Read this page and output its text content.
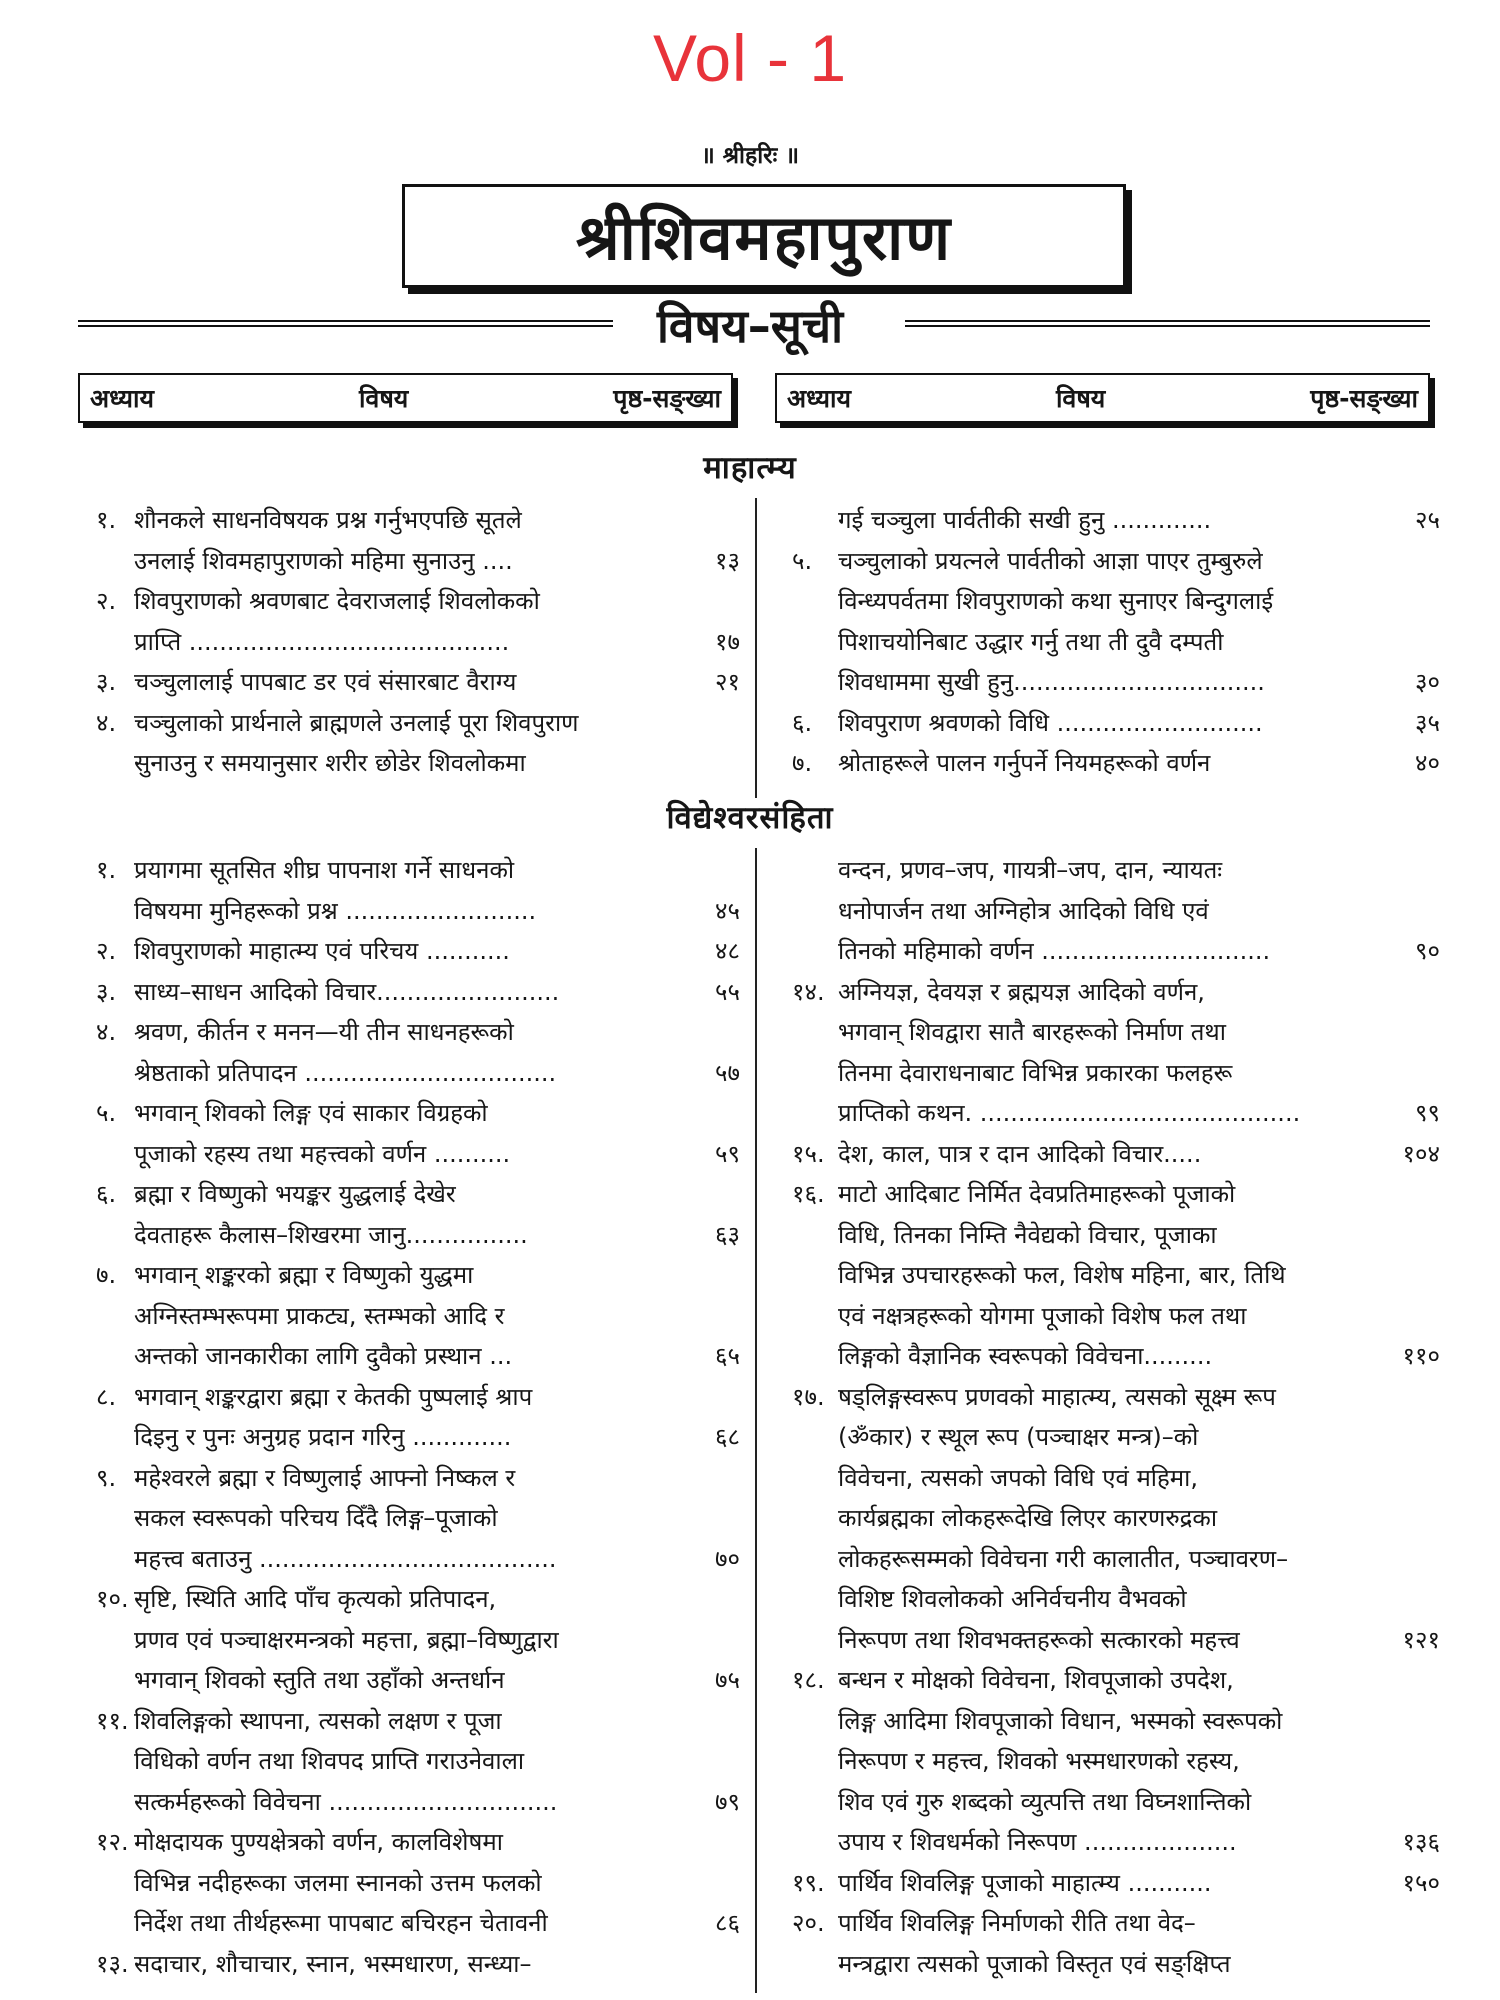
Vol - 1
॥ श्रीहरिः ॥
श्रीशिवमहापुराण
विषय–सूची
अध्याय	विषय	पृष्ठ-सङ्ख्या	अध्याय	विषय	पृष्ठ-सङ्ख्या
माहात्म्य
विद्येश्वरसंहिता
१. शौनकले साधनविषयक प्रश्न गर्नुभएपछि सूतले
उनलाई शिवमहापुराणको महिमा सुनाउनु ....	१३
२. शिवपुराणको श्रवणबाट देवराजलाई शिवलोकको
प्राप्ति ..........................................	१७
३. चञ्चुलालाई पापबाट डर एवं संसारबाट वैराग्य	२१
४. चञ्चुलाको प्रार्थनाले ब्राह्मणले उनलाई पूरा शिवपुराण
सुनाउनु र समयानुसार शरीर छोडेर शिवलोकमा
गई चञ्चुला पार्वतीकी सखी हुनु .............	२५
५. चञ्चुलाको प्रयत्नले पार्वतीको आज्ञा पाएर तुम्बुरुले
विन्ध्यपर्वतमा शिवपुराणको कथा सुनाएर बिन्दुगलाई
पिशाचयोनिबाट उद्धार गर्नु तथा ती दुवै दम्पती
शिवधाममा सुखी हुनु.................................	३०
६. शिवपुराण श्रवणको विधि ...........................	३५
७. श्रोताहरूले पालन गर्नुपर्ने नियमहरूको वर्णन	४०
१. प्रयागमा सूतसित शीघ्र पापनाश गर्ने साधनको
विषयमा मुनिहरूको प्रश्न .........................	४५
२. शिवपुराणको माहात्म्य एवं परिचय ...........	४८
३. साध्य–साधन आदिको विचार........................	५५
४. श्रवण, कीर्तन र मनन—यी तीन साधनहरूको
श्रेष्ठताको प्रतिपादन .................................	५७
५. भगवान् शिवको लिङ्ग एवं साकार विग्रहको
पूजाको रहस्य तथा महत्त्वको वर्णन ..........	५९
६. ब्रह्मा र विष्णुको भयङ्कर युद्धलाई देखेर
देवताहरू कैलास–शिखरमा जानु................	६३
७. भगवान् शङ्करको ब्रह्मा र विष्णुको युद्धमा
अग्निस्तम्भरूपमा प्राकट्य, स्तम्भको आदि र
अन्तको जानकारीका लागि दुवैको प्रस्थान ...	६५
८. भगवान् शङ्करद्वारा ब्रह्मा र केतकी पुष्पलाई श्राप
दिइनु र पुनः अनुग्रह प्रदान गरिनु .............	६८
९. महेश्वरले ब्रह्मा र विष्णुलाई आफ्नो निष्कल र
सकल स्वरूपको परिचय दिँदै लिङ्ग–पूजाको
महत्त्व बताउनु .......................................	७०
१०. सृष्टि, स्थिति आदि पाँच कृत्यको प्रतिपादन,
प्रणव एवं पञ्चाक्षरमन्त्रको महत्ता, ब्रह्मा–विष्णुद्वारा
भगवान् शिवको स्तुति तथा उहाँको अन्तर्धान	७५
११. शिवलिङ्गको स्थापना, त्यसको लक्षण र पूजा
विधिको वर्णन तथा शिवपद प्राप्ति गराउनेवाला
सत्कर्महरूको विवेचना ..............................	७९
१२. मोक्षदायक पुण्यक्षेत्रको वर्णन, कालविशेषमा
विभिन्न नदीहरूका जलमा स्नानको उत्तम फलको
निर्देश तथा तीर्थहरूमा पापबाट बचिरहन चेतावनी	८६
१३. सदाचार, शौचाचार, स्नान, भस्मधारण, सन्ध्या–
वन्दन, प्रणव–जप, गायत्री–जप, दान, न्यायतः
धनोपार्जन तथा अग्निहोत्र आदिको विधि एवं
तिनको महिमाको वर्णन ..............................	९०
१४. अग्नियज्ञ, देवयज्ञ र ब्रह्मयज्ञ आदिको वर्णन,
भगवान् शिवद्वारा सातै बारहरूको निर्माण तथा
तिनमा देवाराधनाबाट विभिन्न प्रकारका फलहरू
प्राप्तिको कथन. ..........................................	९९
१५. देश, काल, पात्र र दान आदिको विचार.....	१०४
१६. माटो आदिबाट निर्मित देवप्रतिमाहरूको पूजाको
विधि, तिनका निम्ति नैवेद्यको विचार, पूजाका
विभिन्न उपचारहरूको फल, विशेष महिना, बार, तिथि
एवं नक्षत्रहरूको योगमा पूजाको विशेष फल तथा
लिङ्गको वैज्ञानिक स्वरूपको विवेचना.........	११०
१७. षड्लिङ्गस्वरूप प्रणवको माहात्म्य, त्यसको सूक्ष्म रूप
(ॐकार) र स्थूल रूप (पञ्चाक्षर मन्त्र)–को
विवेचना, त्यसको जपको विधि एवं महिमा,
कार्यब्रह्मका लोकहरूदेखि लिएर कारणरुद्रका
लोकहरूसम्मको विवेचना गरी कालातीत, पञ्चावरण–
विशिष्ट शिवलोकको अनिर्वचनीय वैभवको
निरूपण तथा शिवभक्तहरूको सत्कारको महत्त्व	१२१
१८. बन्धन र मोक्षको विवेचना, शिवपूजाको उपदेश,
लिङ्ग आदिमा शिवपूजाको विधान, भस्मको स्वरूपको
निरूपण र महत्त्व, शिवको भस्मधारणको रहस्य,
शिव एवं गुरु शब्दको व्युत्पत्ति तथा विघ्नशान्तिको
उपाय र शिवधर्मको निरूपण ....................	१३६
१९. पार्थिव शिवलिङ्ग पूजाको माहात्म्य ...........	१५०
२०. पार्थिव शिवलिङ्ग निर्माणको रीति तथा वेद–
मन्त्रद्वारा त्यसको पूजाको विस्तृत एवं सङ्क्षिप्त
